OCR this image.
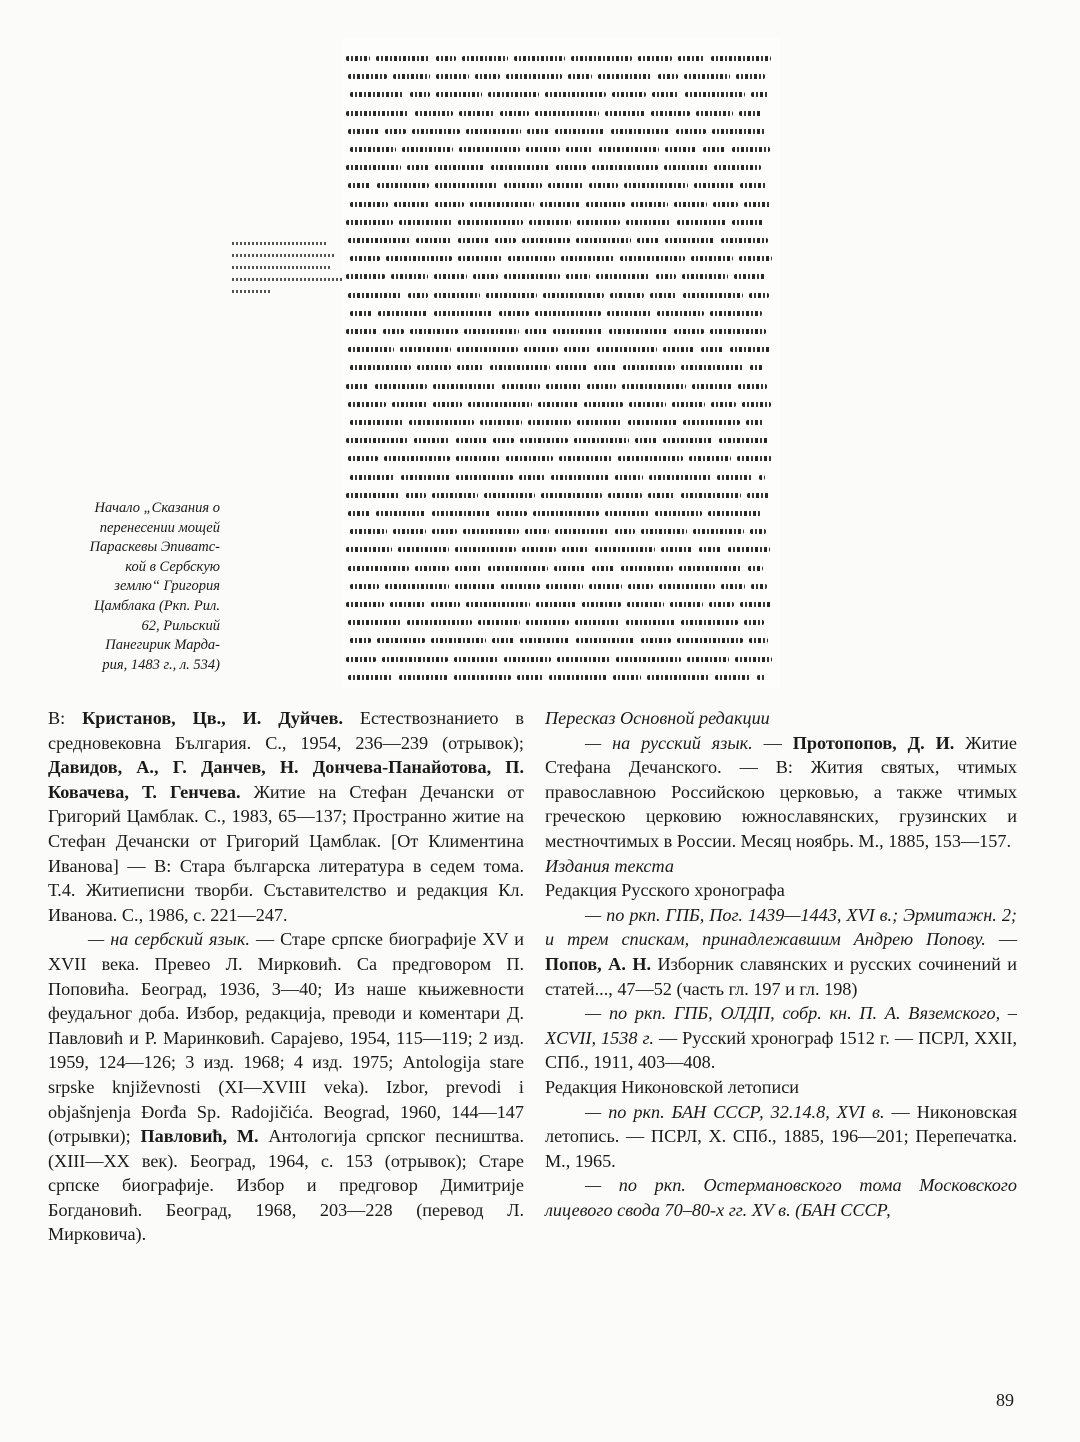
Начало „Сказания о
перенесении мощей
Параскевы Эпиватс-
кой в Сербскую
землю“ Григория
Цамблака (Ркп. Рил.
62, Рильский
Панегирик Марда-
рия, 1483 г., л. 534)

В: Кристанов, Цв., И. Дуйчев. Естествознанието в средновековна България. С., 1954, 236—239 (отрывок); Давидов, А., Г. Данчев, Н. Дончева-Панайотова, П. Ковачева, Т. Генчева. Житие на Стефан Дечански от Григорий Цамблак. С., 1983, 65—137; Пространно житие на Стефан Дечански от Григорий Цамблак. [От Климентина Иванова] — В: Стара българска литература в седем тома. Т.4. Житиеписни творби. Съставителство и редакция Кл. Иванова. С., 1986, с. 221—247.

— на сербский язык. — Старе српске биографије XV и XVII века. Превео Л. Мирковић. Са предговором П. Поповића. Београд, 1936, 3—40; Из наше књижевности феудаљног доба. Избор, редакција, преводи и коментари Д. Павловић и Р. Маринковић. Сарајево, 1954, 115—119; 2 изд. 1959, 124—126; 3 изд. 1968; 4 изд. 1975; Antologija stare srpske književnosti (XI—XVIII veka). Izbor, prevodi i objašnjenja Đorđa Sp. Radojičića. Beograd, 1960, 144—147 (отрывки); Павловић, М. Антологија српског песништва. (XIII—XX век). Београд, 1964, с. 153 (отрывок); Старе српске биографије. Избор и предговор Димитрије Богдановић. Београд, 1968, 203—228 (перевод Л. Мирковича).

Пересказ Основной редакции

— на русский язык. — Протопопов, Д. И. Житие Стефана Дечанского. — В: Жития святых, чтимых православною Российскою церковью, а также чтимых греческою церковию южнославянских, грузинских и местночтимых в России. Месяц ноябрь. М., 1885, 153—157.

Издания текста

Редакция Русского хронографа

— по ркп. ГПБ, Пог. 1439—1443, XVI в.; Эрмитажн. 2; и трем спискам, принадлежавшим Андрею Попову. — Попов, А. Н. Изборник славянских и русских сочинений и статей..., 47—52 (часть гл. 197 и гл. 198)

— по ркп. ГПБ, ОЛДП, собр. кн. П. А. Вяземского, – XCVII, 1538 г. — Русский хронограф 1512 г. — ПСРЛ, XXII, СПб., 1911, 403—408.

Редакция Никоновской летописи

— по ркп. БАН СССР, 32.14.8, XVI в. — Никоновская летопись. — ПСРЛ, X. СПб., 1885, 196—201; Перепечатка. М., 1965.

— по ркп. Остермановского тома Московского лицевого свода 70–80-х гг. XV в. (БАН СССР,

89
